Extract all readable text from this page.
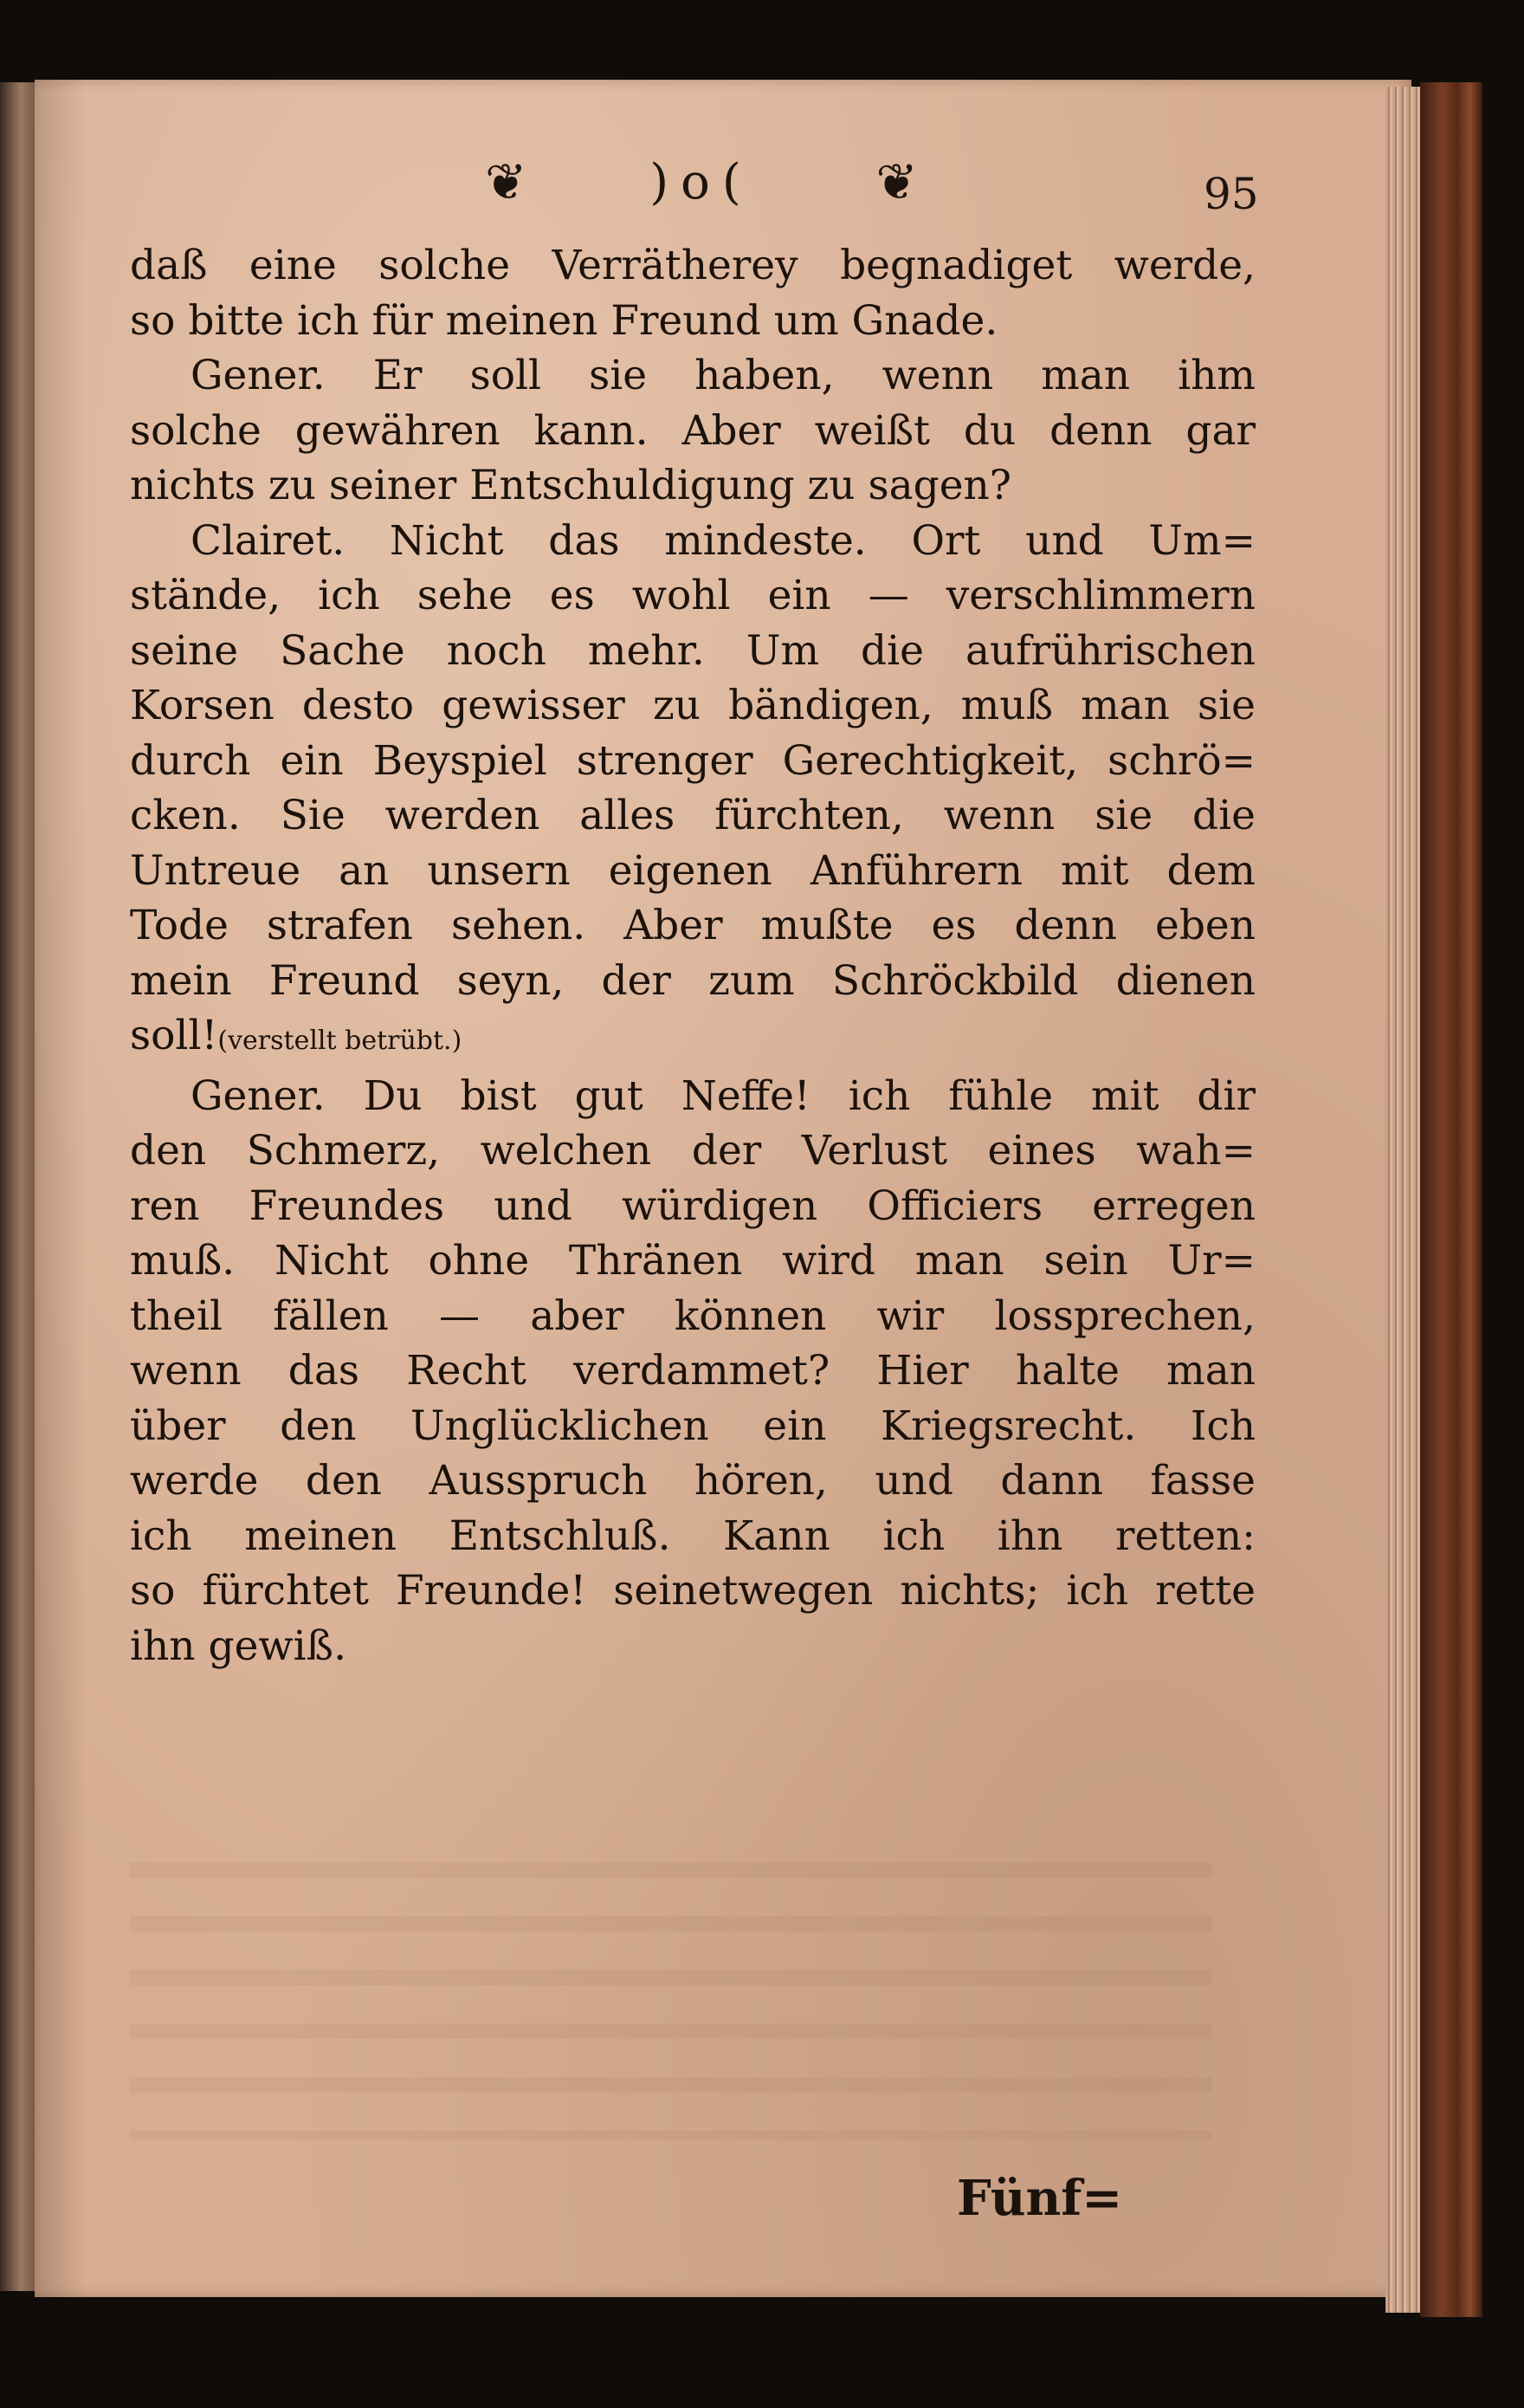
❦	)o( ❦	95
daß eine solche Verrätherey begnadiget werde,
so bitte ich für meinen Freund um Gnade.
Gener. Er soll sie haben, wenn man ihm
solche gewähren kann. Aber weißt du denn gar
nichts zu seiner Entschuldigung zu sagen?
Clairet. Nicht das mindeste. Ort und Um=
stände, ich sehe es wohl ein — verschlimmern
seine Sache noch mehr. Um die aufrührischen
Korsen desto gewisser zu bändigen, muß man sie
durch ein Beyspiel strenger Gerechtigkeit, schrö=
cken. Sie werden alles fürchten, wenn sie die
Untreue an unsern eigenen Anführern mit dem
Tode strafen sehen. Aber mußte es denn eben
mein Freund seyn, der zum Schröckbild dienen
soll!(verstellt betrübt.)
Gener. Du bist gut Neffe! ich fühle mit dir
den Schmerz, welchen der Verlust eines wah=
ren Freundes und würdigen Officiers erregen
muß. Nicht ohne Thränen wird man sein Ur=
theil fällen — aber können wir lossprechen,
wenn das Recht verdammet? Hier halte man
über den Unglücklichen ein Kriegsrecht. Ich
werde den Ausspruch hören, und dann fasse
ich meinen Entschluß. Kann ich ihn retten:
so fürchtet Freunde! seinetwegen nichts; ich rette
ihn gewiß.
Fünf=
